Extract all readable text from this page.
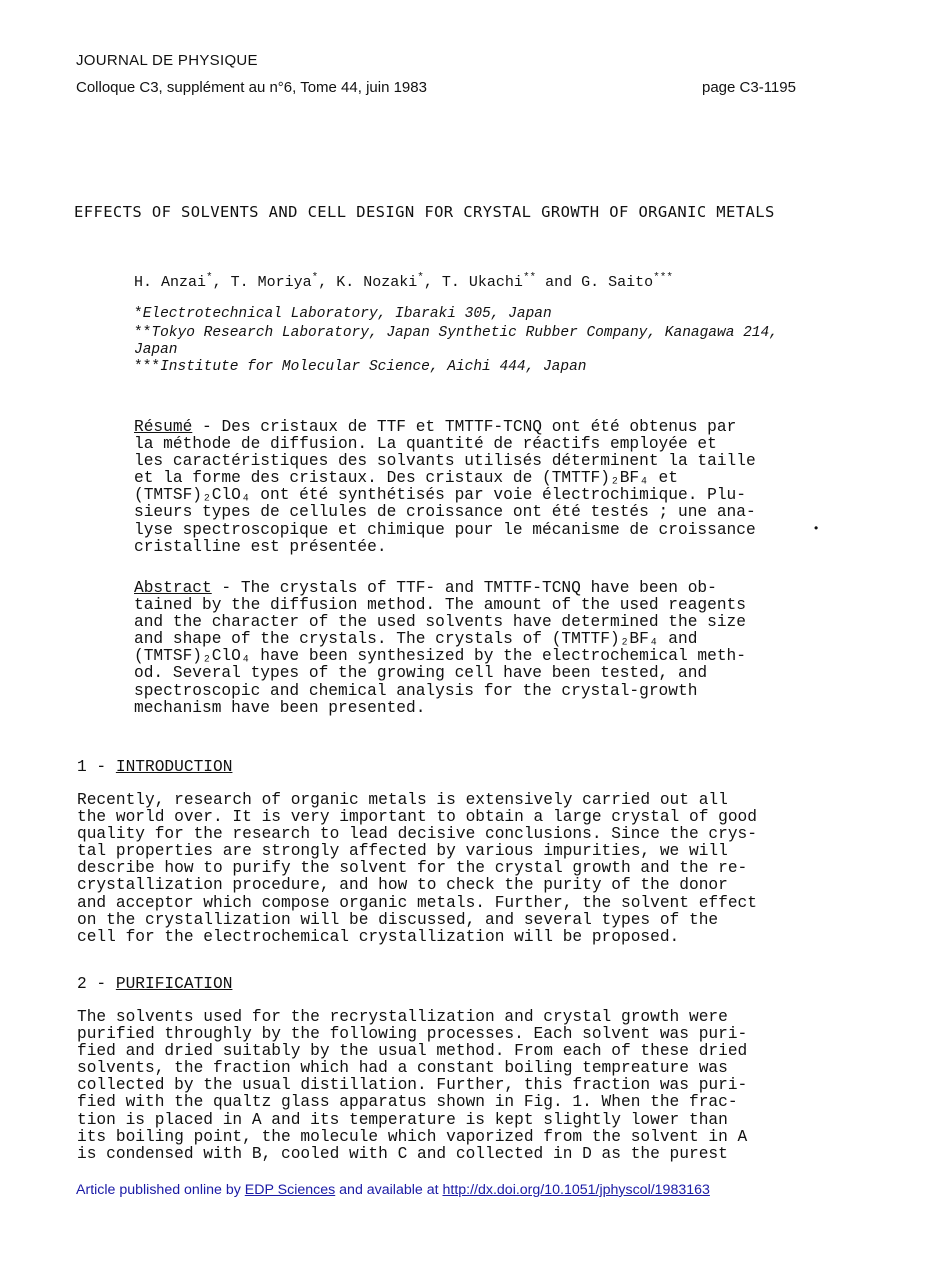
JOURNAL DE PHYSIQUE
Colloque C3, supplément au n°6, Tome 44, juin 1983	page C3-1195
EFFECTS OF SOLVENTS AND CELL DESIGN FOR CRYSTAL GROWTH OF ORGANIC METALS
H. Anzai*, T. Moriya*, K. Nozaki*, T. Ukachi** and G. Saito***
*Electrotechnical Laboratory, Ibaraki 305, Japan
**Tokyo Research Laboratory, Japan Synthetic Rubber Company, Kanagawa 214, Japan
***Institute for Molecular Science, Aichi 444, Japan
Résumé - Des cristaux de TTF et TMTTF-TCNQ ont été obtenus par
la méthode de diffusion. La quantité de réactifs employée et
les caractéristiques des solvants utilisés déterminent la taille
et la forme des cristaux. Des cristaux de (TMTTF)₂BF₄ et
(TMTSF)₂ClO₄ ont été synthétisés par voie électrochimique. Plu-
sieurs types de cellules de croissance ont été testés ; une ana-
lyse spectroscopique et chimique pour le mécanisme de croissance
cristalline est présentée.
•
Abstract - The crystals of TTF- and TMTTF-TCNQ have been ob-
tained by the diffusion method. The amount of the used reagents
and the character of the used solvents have determined the size
and shape of the crystals. The crystals of (TMTTF)₂BF₄ and
(TMTSF)₂ClO₄ have been synthesized by the electrochemical meth-
od. Several types of the growing cell have been tested, and
spectroscopic and chemical analysis for the crystal-growth
mechanism have been presented.
1 - INTRODUCTION
Recently, research of organic metals is extensively carried out all
the world over. It is very important to obtain a large crystal of good
quality for the research to lead decisive conclusions. Since the crys-
tal properties are strongly affected by various impurities, we will
describe how to purify the solvent for the crystal growth and the re-
crystallization procedure, and how to check the purity of the donor
and acceptor which compose organic metals. Further, the solvent effect
on the crystallization will be discussed, and several types of the
cell for the electrochemical crystallization will be proposed.
2 - PURIFICATION
The solvents used for the recrystallization and crystal growth were
purified throughly by the following processes. Each solvent was puri-
fied and dried suitably by the usual method. From each of these dried
solvents, the fraction which had a constant boiling tempreature was
collected by the usual distillation. Further, this fraction was puri-
fied with the qualtz glass apparatus shown in Fig. 1. When the frac-
tion is placed in A and its temperature is kept slightly lower than
its boiling point, the molecule which vaporized from the solvent in A
is condensed with B, cooled with C and collected in D as the purest
Article published online by EDP Sciences and available at http://dx.doi.org/10.1051/jphyscol/1983163
